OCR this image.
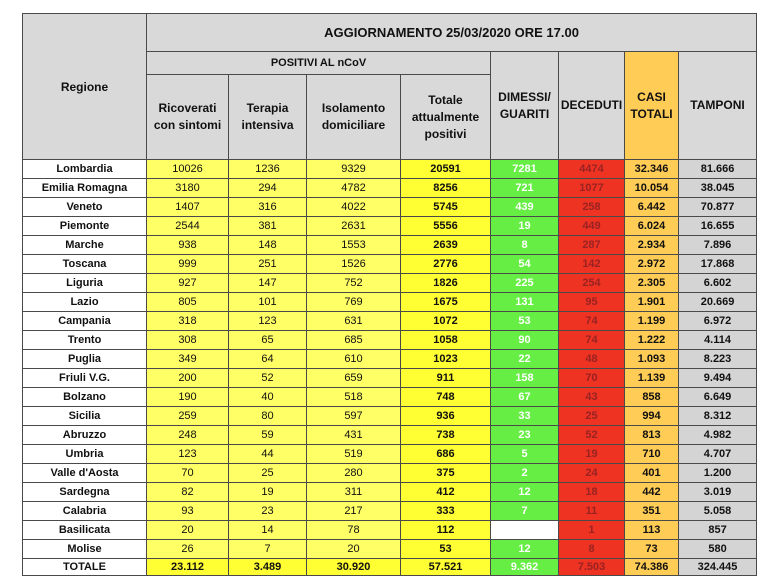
Regione	AGGIORNAMENTO 25/03/2020 ORE 17.00							
	POSITIVI AL nCoV				DIMESSI/ GUARITI	DECEDUTI	CASI TOTALI	TAMPONI
	Ricoverati con sintomi	Terapia intensiva	Isolamento domiciliare	Totale attualmente positivi				
Lombardia	10026	1236	9329	20591	7281	4474	32.346	81.666
Emilia Romagna	3180	294	4782	8256	721	1077	10.054	38.045
Veneto	1407	316	4022	5745	439	258	6.442	70.877
Piemonte	2544	381	2631	5556	19	449	6.024	16.655
Marche	938	148	1553	2639	8	287	2.934	7.896
Toscana	999	251	1526	2776	54	142	2.972	17.868
Liguria	927	147	752	1826	225	254	2.305	6.602
Lazio	805	101	769	1675	131	95	1.901	20.669
Campania	318	123	631	1072	53	74	1.199	6.972
Trento	308	65	685	1058	90	74	1.222	4.114
Puglia	349	64	610	1023	22	48	1.093	8.223
Friuli V.G.	200	52	659	911	158	70	1.139	9.494
Bolzano	190	40	518	748	67	43	858	6.649
Sicilia	259	80	597	936	33	25	994	8.312
Abruzzo	248	59	431	738	23	52	813	4.982
Umbria	123	44	519	686	5	19	710	4.707
Valle d'Aosta	70	25	280	375	2	24	401	1.200
Sardegna	82	19	311	412	12	18	442	3.019
Calabria	93	23	217	333	7	11	351	5.058
Basilicata	20	14	78	112		1	113	857
Molise	26	7	20	53	12	8	73	580
TOTALE	23.112	3.489	30.920	57.521	9.362	7.503	74.386	324.445
